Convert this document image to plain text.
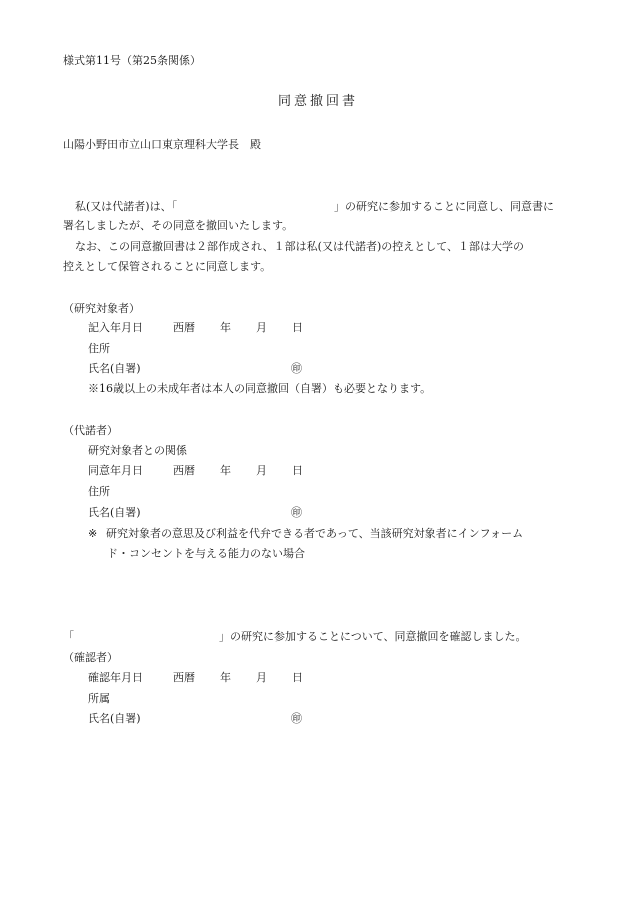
様式第11号（第25条関係）
同意撤回書
山陽小野田市立山口東京理科大学長　殿
私(又は代諾者)は、「	」の研究に参加することに同意し、同意書に
署名しましたが、その同意を撤回いたします。
なお、この同意撤回書は２部作成され、１部は私(又は代諾者)の控えとして、１部は大学の
控えとして保管されることに同意します。
（研究対象者）
記入年月日	西暦 年 月 日
住所
氏名(自署)	㊞
※16歳以上の未成年者は本人の同意撤回（自署）も必要となります。
（代諾者）
研究対象者との関係
同意年月日	西暦 年 月 日
住所
氏名(自署)	㊞
※ 研究対象者の意思及び利益を代弁できる者であって、当該研究対象者にインフォーム
ド・コンセントを与える能力のない場合
「	」の研究に参加することについて、同意撤回を確認しました。
（確認者）
確認年月日	西暦 年 月 日
所属
氏名(自署)	㊞
